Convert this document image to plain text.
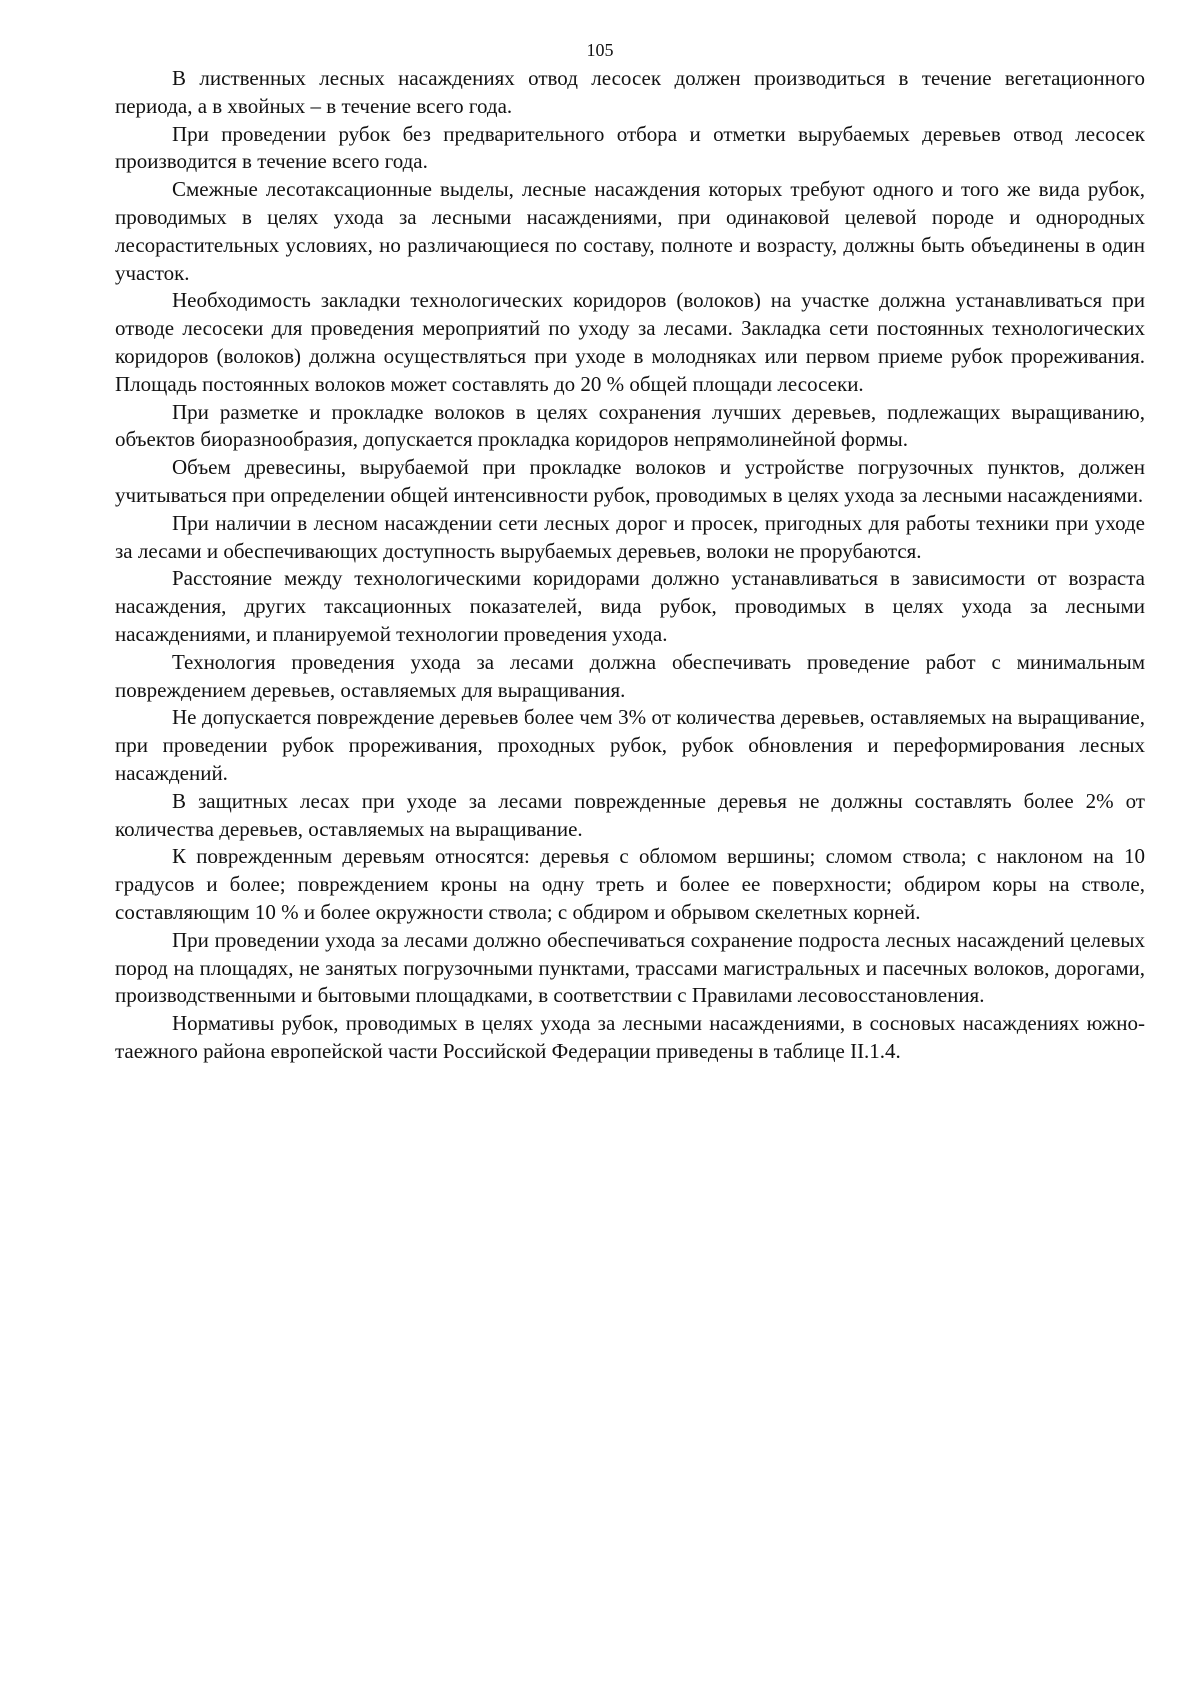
105

В лиственных лесных насаждениях отвод лесосек должен производиться в течение вегетационного периода, а в хвойных – в течение всего года.

При проведении рубок без предварительного отбора и отметки вырубаемых деревьев отвод лесосек производится в течение всего года.

Смежные лесотаксационные выделы, лесные насаждения которых требуют одного и того же вида рубок, проводимых в целях ухода за лесными насаждениями, при одинаковой целевой породе и однородных лесорастительных условиях, но различающиеся по составу, полноте и возрасту, должны быть объединены в один участок.

Необходимость закладки технологических коридоров (волоков) на участке должна устанавливаться при отводе лесосеки для проведения мероприятий по уходу за лесами. Закладка сети постоянных технологических коридоров (волоков) должна осуществляться при уходе в молодняках или первом приеме рубок прореживания. Площадь постоянных волоков может составлять до 20 % общей площади лесосеки.

При разметке и прокладке волоков в целях сохранения лучших деревьев, подлежащих выращиванию, объектов биоразнообразия, допускается прокладка коридоров непрямолинейной формы.

Объем древесины, вырубаемой при прокладке волоков и устройстве погрузочных пунктов, должен учитываться при определении общей интенсивности рубок, проводимых в целях ухода за лесными насаждениями.

При наличии в лесном насаждении сети лесных дорог и просек, пригодных для работы техники при уходе за лесами и обеспечивающих доступность вырубаемых деревьев, волоки не прорубаются.

Расстояние между технологическими коридорами должно устанавливаться в зависимости от возраста насаждения, других таксационных показателей, вида рубок, проводимых в целях ухода за лесными насаждениями, и планируемой технологии проведения ухода.

Технология проведения ухода за лесами должна обеспечивать проведение работ с минимальным повреждением деревьев, оставляемых для выращивания.

Не допускается повреждение деревьев более чем 3% от количества деревьев, оставляемых на выращивание, при проведении рубок прореживания, проходных рубок, рубок обновления и переформирования лесных насаждений.

В защитных лесах при уходе за лесами поврежденные деревья не должны составлять более 2% от количества деревьев, оставляемых на выращивание.

К поврежденным деревьям относятся: деревья с обломом вершины; сломом ствола; с наклоном на 10 градусов и более; повреждением кроны на одну треть и более ее поверхности; обдиром коры на стволе, составляющим 10 % и более окружности ствола; с обдиром и обрывом скелетных корней.

При проведении ухода за лесами должно обеспечиваться сохранение подроста лесных насаждений целевых пород на площадях, не занятых погрузочными пунктами, трассами магистральных и пасечных волоков, дорогами, производственными и бытовыми площадками, в соответствии с Правилами лесовосстановления.

Нормативы рубок, проводимых в целях ухода за лесными насаждениями, в сосновых насаждениях южно-таежного района европейской части Российской Федерации приведены в таблице II.1.4.
